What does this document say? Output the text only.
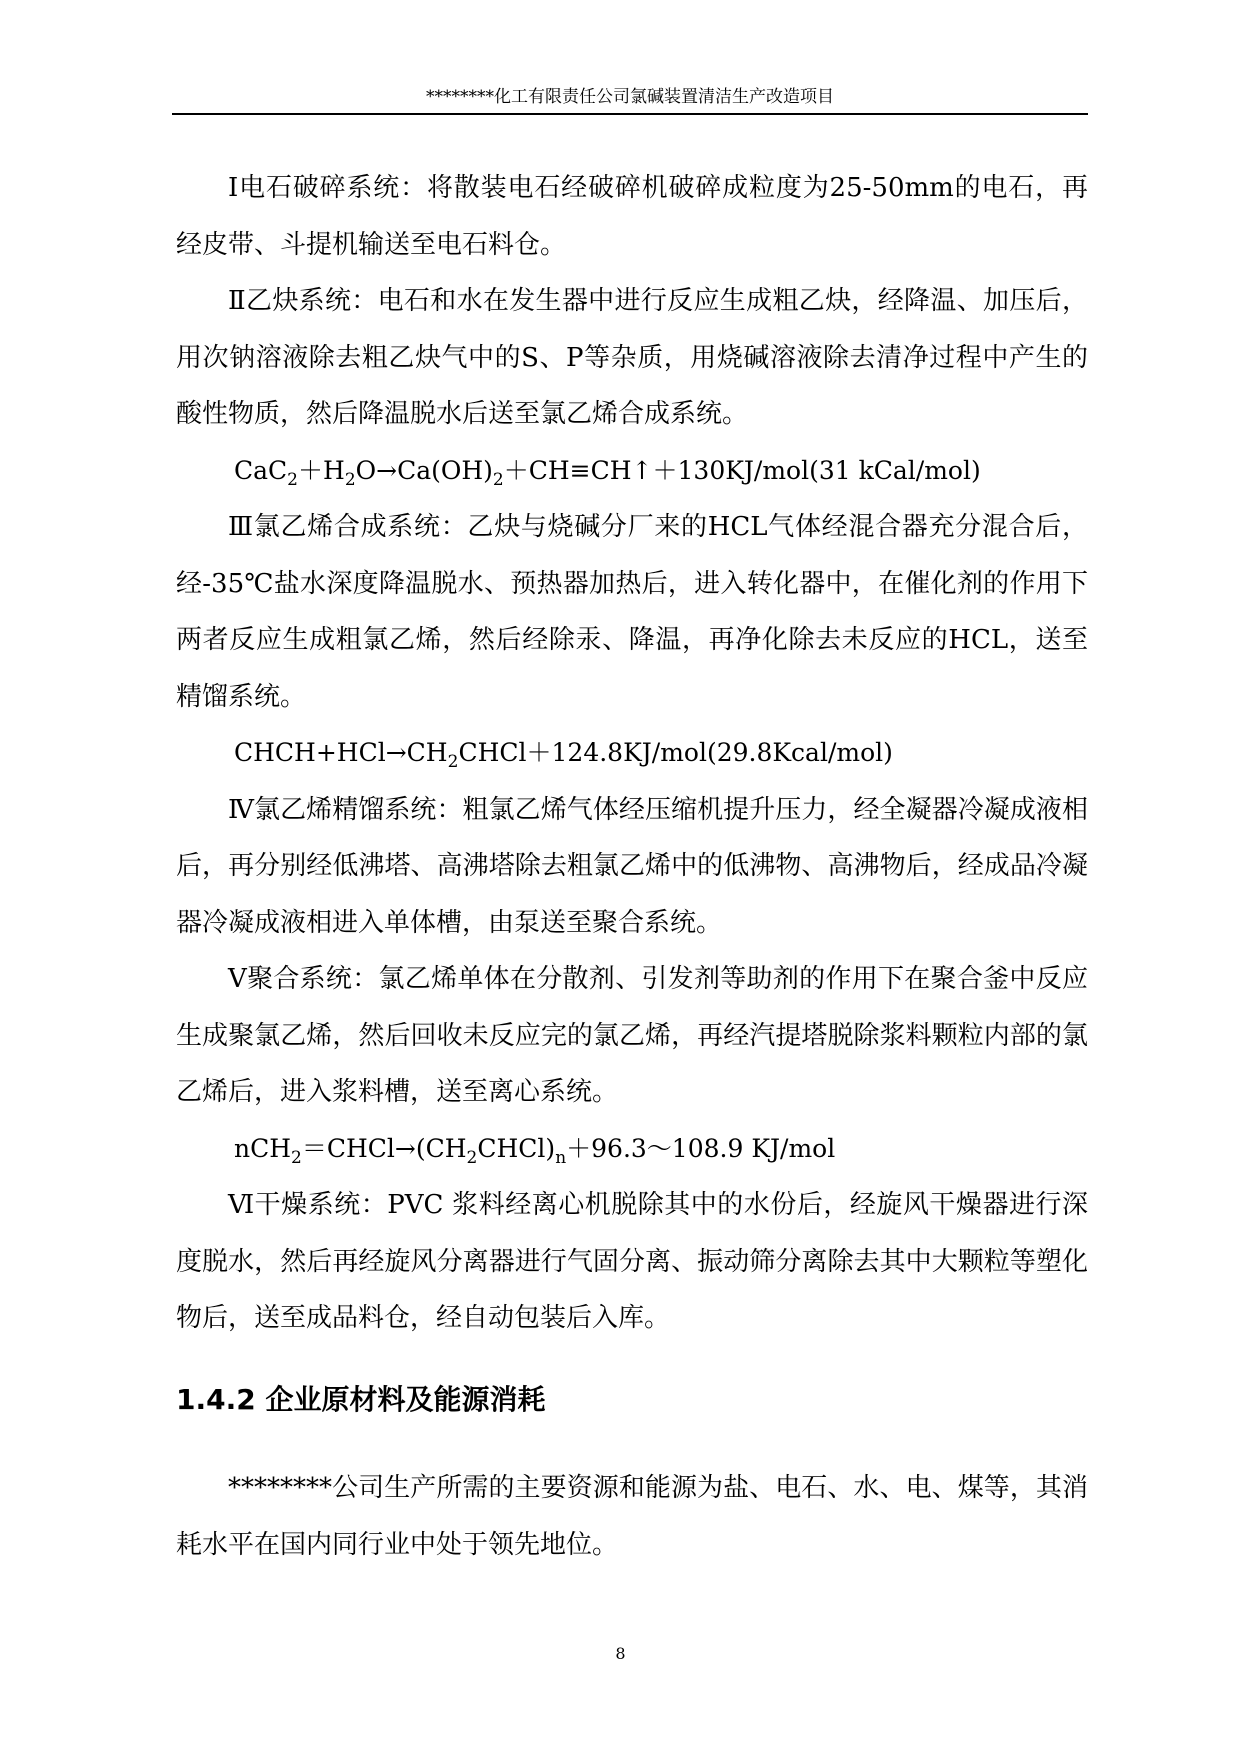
********化工有限责任公司氯碱装置清洁生产改造项目

Ⅰ电石破碎系统：将散装电石经破碎机破碎成粒度为25-50mm的电石，再经皮带、斗提机输送至电石料仓。

Ⅱ乙炔系统：电石和水在发生器中进行反应生成粗乙炔，经降温、加压后，用次钠溶液除去粗乙炔气中的S、P等杂质，用烧碱溶液除去清净过程中产生的酸性物质，然后降温脱水后送至氯乙烯合成系统。

$CaC_2+H_2O\to Ca(OH)_2+CH\equiv CH↑+130KJ/mol(31$ kCal/mol)

Ⅲ氯乙烯合成系统：乙炔与烧碱分厂来的HCL气体经混合器充分混合后，经-35℃盐水深度降温脱水、预热器加热后，进入转化器中，在催化剂的作用下两者反应生成粗氯乙烯，然后经除汞、降温，再净化除去未反应的HCL，送至精馏系统。

$CHCH+HCl\to CH_2CHCl+124.8KJ/mol(29.8Kcal/mol)$

Ⅳ氯乙烯精馏系统：粗氯乙烯气体经压缩机提升压力，经全凝器冷凝成液相后，再分别经低沸塔、高沸塔除去粗氯乙烯中的低沸物、高沸物后，经成品冷凝器冷凝成液相进入单体槽，由泵送至聚合系统。

Ⅴ聚合系统：氯乙烯单体在分散剂、引发剂等助剂的作用下在聚合釜中反应生成聚氯乙烯，然后回收未反应完的氯乙烯，再经汽提塔脱除浆料颗粒内部的氯乙烯后，进入浆料槽，送至离心系统。

$nCH_2=CHCl\to(CH_2CHCl)_n+96.3\sim 108.9$ KJ/mol

Ⅵ干燥系统：PVC 浆料经离心机脱除其中的水份后，经旋风干燥器进行深度脱水，然后再经旋风分离器进行气固分离、振动筛分离除去其中大颗粒等塑化物后，送至成品料仓，经自动包装后入库。

1.4.2 企业原材料及能源消耗

********公司生产所需的主要资源和能源为盐、电石、水、电、煤等，其消耗水平在国内同行业中处于领先地位。

8
